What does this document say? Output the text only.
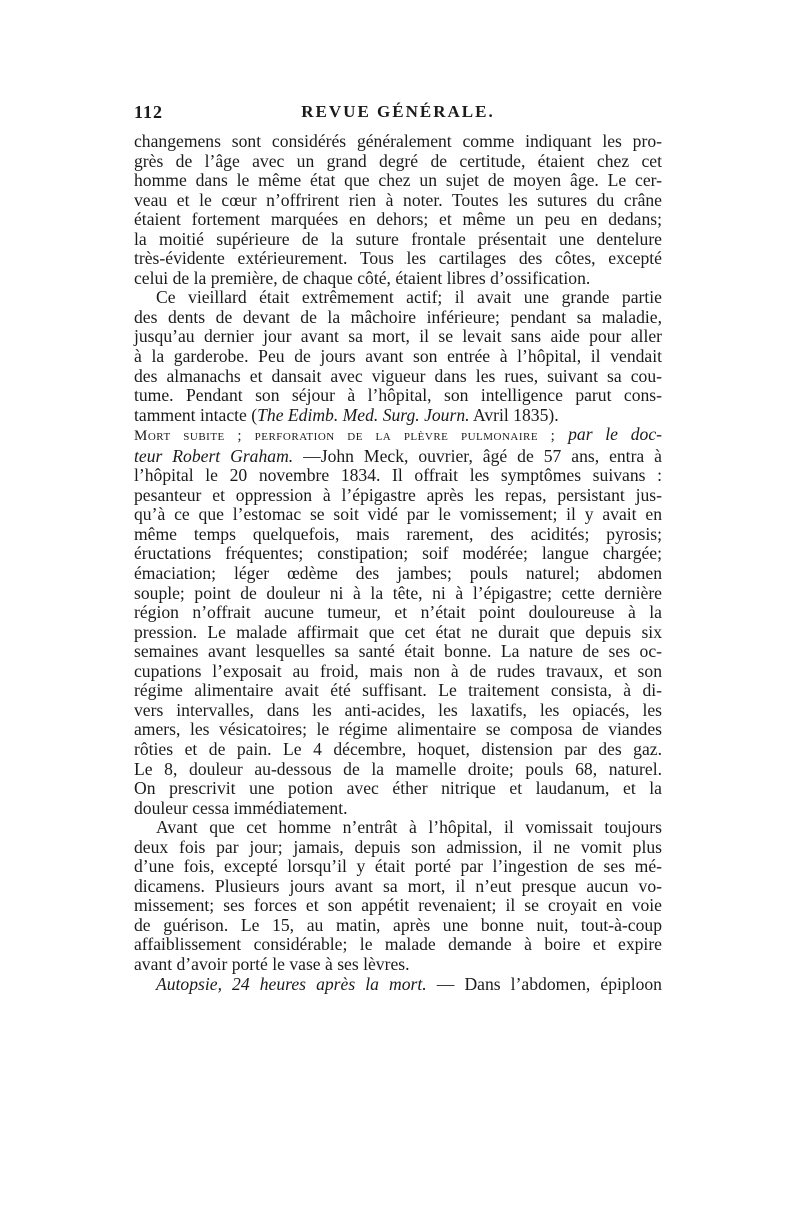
112	REVUE GÉNÉRALE.
changemens sont considérés généralement comme indiquant les pro-
grès de l’âge avec un grand degré de certitude, étaient chez cet
homme dans le même état que chez un sujet de moyen âge. Le cer-
veau et le cœur n’offrirent rien à noter. Toutes les sutures du crâne
étaient fortement marquées en dehors; et même un peu en dedans;
la moitié supérieure de la suture frontale présentait une dentelure
très-évidente extérieurement. Tous les cartilages des côtes, excepté
celui de la première, de chaque côté, étaient libres d’ossification.
Ce vieillard était extrêmement actif; il avait une grande partie
des dents de devant de la mâchoire inférieure; pendant sa maladie,
jusqu’au dernier jour avant sa mort, il se levait sans aide pour aller
à la garderobe. Peu de jours avant son entrée à l’hôpital, il vendait
des almanachs et dansait avec vigueur dans les rues, suivant sa cou-
tume. Pendant son séjour à l’hôpital, son intelligence parut cons-
tamment intacte (The Edimb. Med. Surg. Journ. Avril 1835).
Mort subite ; perforation de la plèvre pulmonaire ; par le doc-
teur Robert Graham. —John Meck, ouvrier, âgé de 57 ans, entra à
l’hôpital le 20 novembre 1834. Il offrait les symptômes suivans :
pesanteur et oppression à l’épigastre après les repas, persistant jus-
qu’à ce que l’estomac se soit vidé par le vomissement; il y avait en
même temps quelquefois, mais rarement, des acidités; pyrosis;
éructations fréquentes; constipation; soif modérée; langue chargée;
émaciation; léger œdème des jambes; pouls naturel; abdomen
souple; point de douleur ni à la tête, ni à l’épigastre; cette dernière
région n’offrait aucune tumeur, et n’était point douloureuse à la
pression. Le malade affirmait que cet état ne durait que depuis six
semaines avant lesquelles sa santé était bonne. La nature de ses oc-
cupations l’exposait au froid, mais non à de rudes travaux, et son
régime alimentaire avait été suffisant. Le traitement consista, à di-
vers intervalles, dans les anti-acides, les laxatifs, les opiacés, les
amers, les vésicatoires; le régime alimentaire se composa de viandes
rôties et de pain. Le 4 décembre, hoquet, distension par des gaz.
Le 8, douleur au-dessous de la mamelle droite; pouls 68, naturel.
On prescrivit une potion avec éther nitrique et laudanum, et la
douleur cessa immédiatement.
Avant que cet homme n’entrât à l’hôpital, il vomissait toujours
deux fois par jour; jamais, depuis son admission, il ne vomit plus
d’une fois, excepté lorsqu’il y était porté par l’ingestion de ses mé-
dicamens. Plusieurs jours avant sa mort, il n’eut presque aucun vo-
missement; ses forces et son appétit revenaient; il se croyait en voie
de guérison. Le 15, au matin, après une bonne nuit, tout-à-coup
affaiblissement considérable; le malade demande à boire et expire
avant d’avoir porté le vase à ses lèvres.
Autopsie, 24 heures après la mort. — Dans l’abdomen, épiploon
